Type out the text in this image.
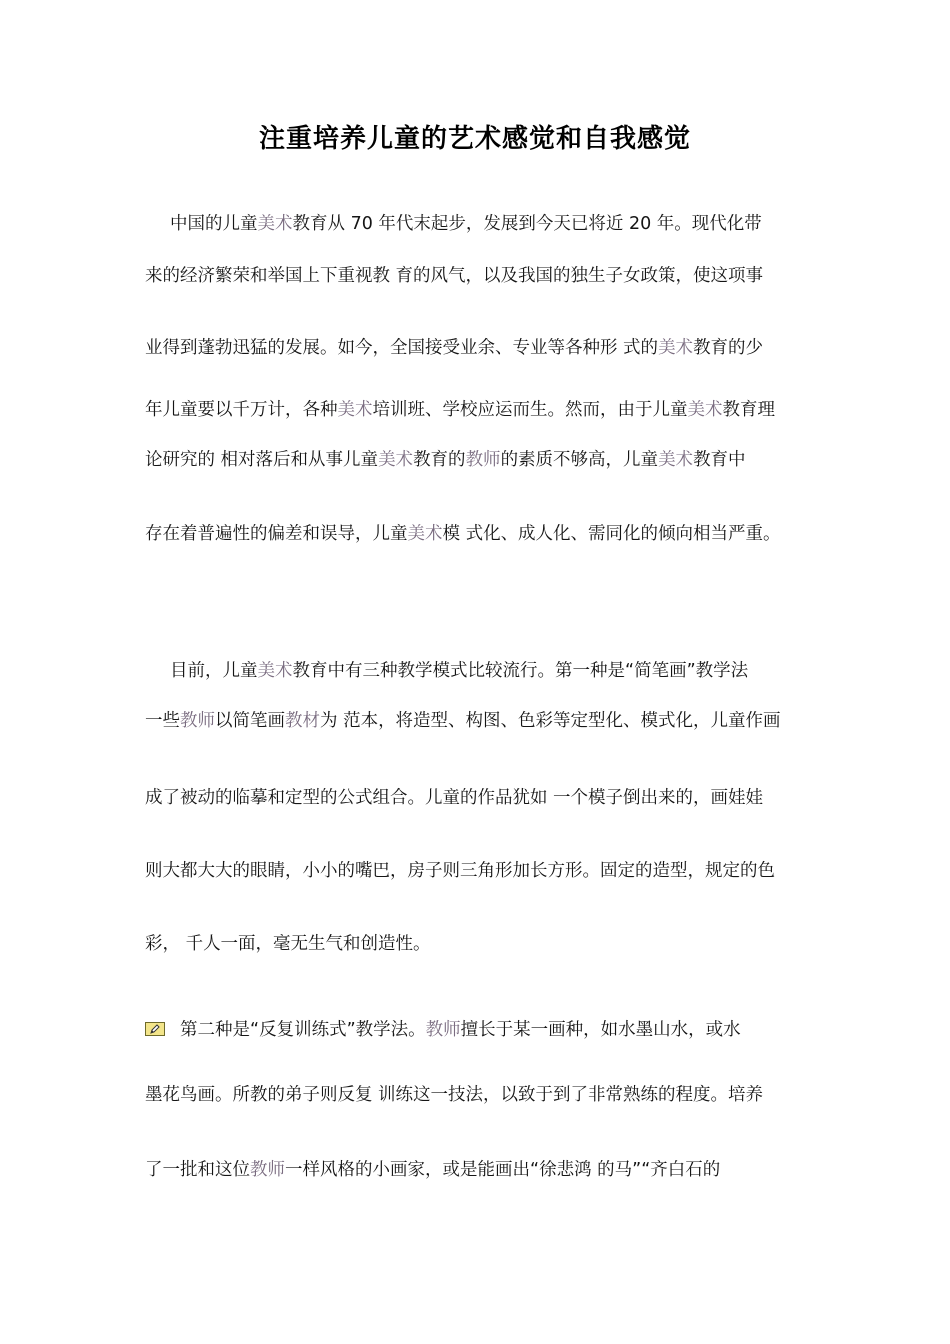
注重培养儿童的艺术感觉和自我感觉
中国的儿童美术教育从 70 年代末起步，发展到今天已将近 20 年。现代化带
来的经济繁荣和举国上下重视教 育的风气，以及我国的独生子女政策，使这项事
业得到蓬勃迅猛的发展。如今，全国接受业余、专业等各种形 式的美术教育的少
年儿童要以千万计，各种美术培训班、学校应运而生。然而，由于儿童美术教育理
论研究的 相对落后和从事儿童美术教育的教师的素质不够高，儿童美术教育中
存在着普遍性的偏差和误导，儿童美术模 式化、成人化、需同化的倾向相当严重。
目前，儿童美术教育中有三种教学模式比较流行。第一种是“简笔画”教学法
一些教师以简笔画教材为 范本，将造型、构图、色彩等定型化、模式化，儿童作画
成了被动的临摹和定型的公式组合。儿童的作品犹如 一个模子倒出来的，画娃娃
则大都大大的眼睛，小小的嘴巴，房子则三角形加长方形。固定的造型，规定的色
彩， 千人一面，毫无生气和创造性。
第二种是“反复训练式”教学法。教师擅长于某一画种，如水墨山水，或水
墨花鸟画。所教的弟子则反复 训练这一技法，以致于到了非常熟练的程度。培养
了一批和这位教师一样风格的小画家，或是能画出“徐悲鸿 的马”“齐白石的
